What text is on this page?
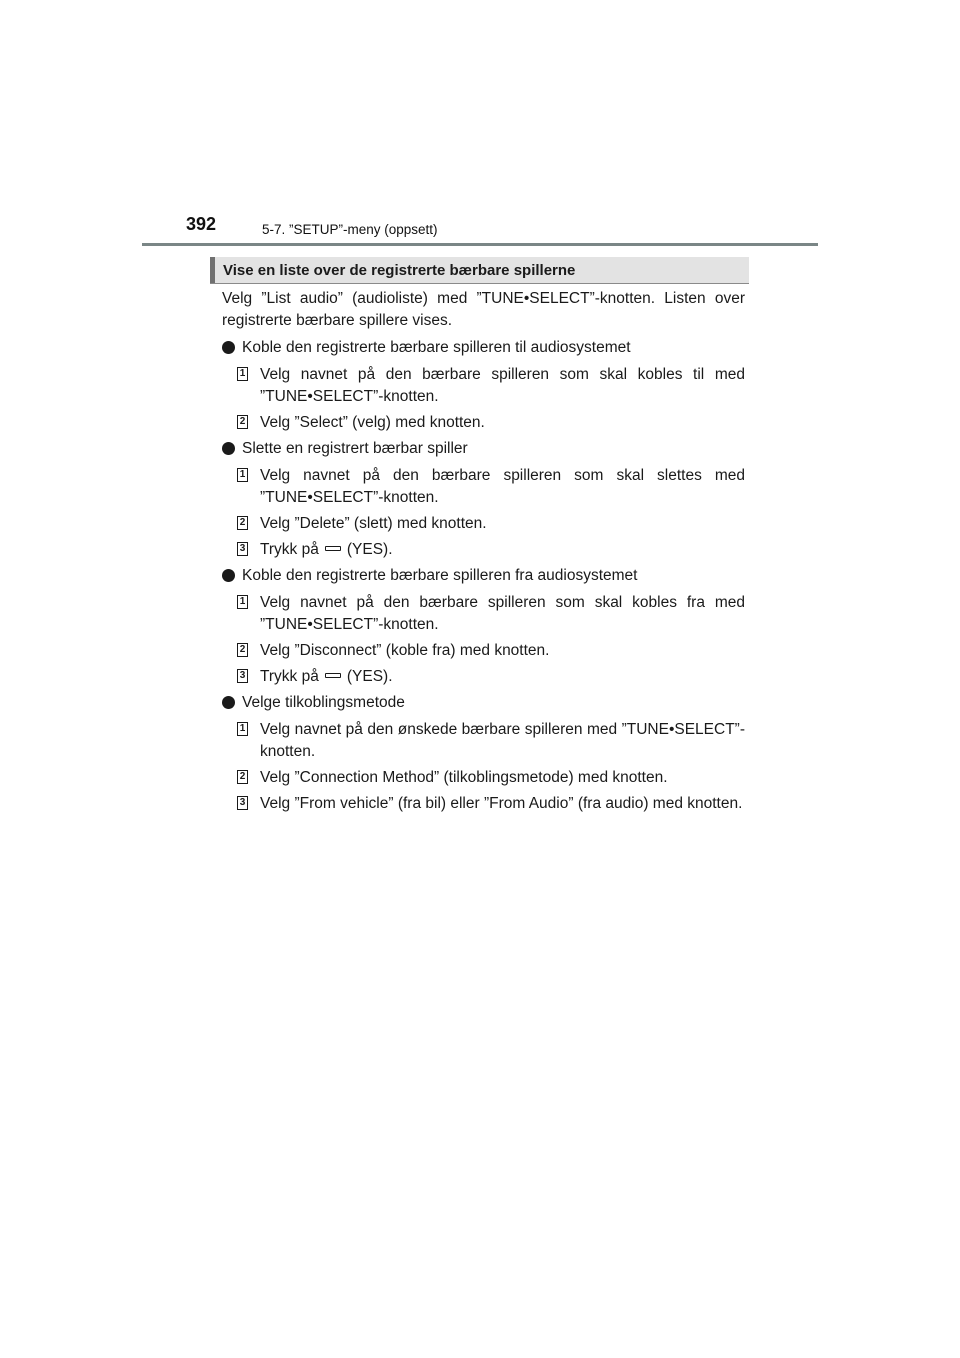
392	5-7. ”SETUP”-meny (oppsett)
Vise en liste over de registrerte bærbare spillerne

Velg ”List audio” (audioliste) med ”TUNE•SELECT”-knotten. Listen over registrerte bærbare spillere vises.

Koble den registrerte bærbare spilleren til audiosystemet
1 Velg navnet på den bærbare spilleren som skal kobles til med ”TUNE•SELECT”-knotten.
2 Velg ”Select” (velg) med knotten.
Slette en registrert bærbar spiller
1 Velg navnet på den bærbare spilleren som skal slettes med ”TUNE•SELECT”-knotten.
2 Velg ”Delete” (slett) med knotten.
3 Trykk på (YES).
Koble den registrerte bærbare spilleren fra audiosystemet
1 Velg navnet på den bærbare spilleren som skal kobles fra med ”TUNE•SELECT”-knotten.
2 Velg ”Disconnect” (koble fra) med knotten.
3 Trykk på (YES).
Velge tilkoblingsmetode
1 Velg navnet på den ønskede bærbare spilleren med ”TUNE•SELECT”-knotten.
2 Velg ”Connection Method” (tilkoblingsmetode) med knotten.
3 Velg ”From vehicle” (fra bil) eller ”From Audio” (fra audio) med knotten.
